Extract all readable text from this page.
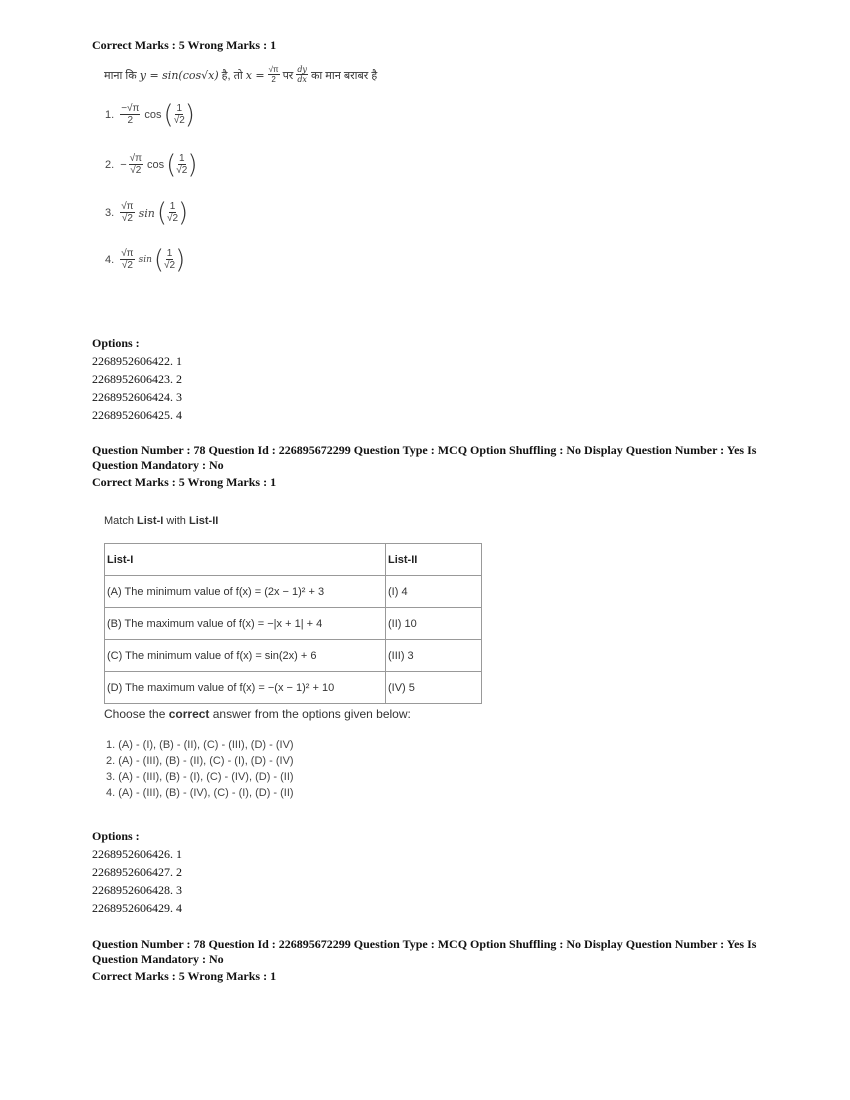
Correct Marks : 5 Wrong Marks : 1
माना कि y = sin(cos√x) है, तो $x = \frac{√\pi}{2}$ पर $\frac{dy}{dx}$ का मान बराबर है
1. $\frac{-√\pi}{2}$ cos ( $\frac{1}{√2}$ )
2. − $\frac{√\pi}{√2}$ cos ( $\frac{1}{√2}$ )
3. $\frac{√\pi}{√2}$ sin ( $\frac{1}{√2}$ )
4. $\frac{√\pi}{√2}$ sin ( $\frac{1}{√2}$ )
Options :
2268952606422. 1
2268952606423. 2
2268952606424. 3
2268952606425. 4
Question Number : 78 Question Id : 226895672299 Question Type : MCQ Option Shuffling : No Display Question Number : Yes Is
Question Mandatory : No
Correct Marks : 5 Wrong Marks : 1
Match List-I with List-II
List-I	List-II
(A) The minimum value of f(x) = (2x − 1)² + 3	(I) 4
(B) The maximum value of f(x) = −|x + 1| + 4	(II) 10
(C) The minimum value of f(x) = sin(2x) + 6	(III) 3
(D) The maximum value of f(x) = −(x − 1)² + 10	(IV) 5
Choose the correct answer from the options given below:
1. (A) - (I), (B) - (II), (C) - (III), (D) - (IV)
2. (A) - (III), (B) - (II), (C) - (I), (D) - (IV)
3. (A) - (III), (B) - (I), (C) - (IV), (D) - (II)
4. (A) - (III), (B) - (IV), (C) - (I), (D) - (II)
Options :
2268952606426. 1
2268952606427. 2
2268952606428. 3
2268952606429. 4
Question Number : 78 Question Id : 226895672299 Question Type : MCQ Option Shuffling : No Display Question Number : Yes Is
Question Mandatory : No
Correct Marks : 5 Wrong Marks : 1
